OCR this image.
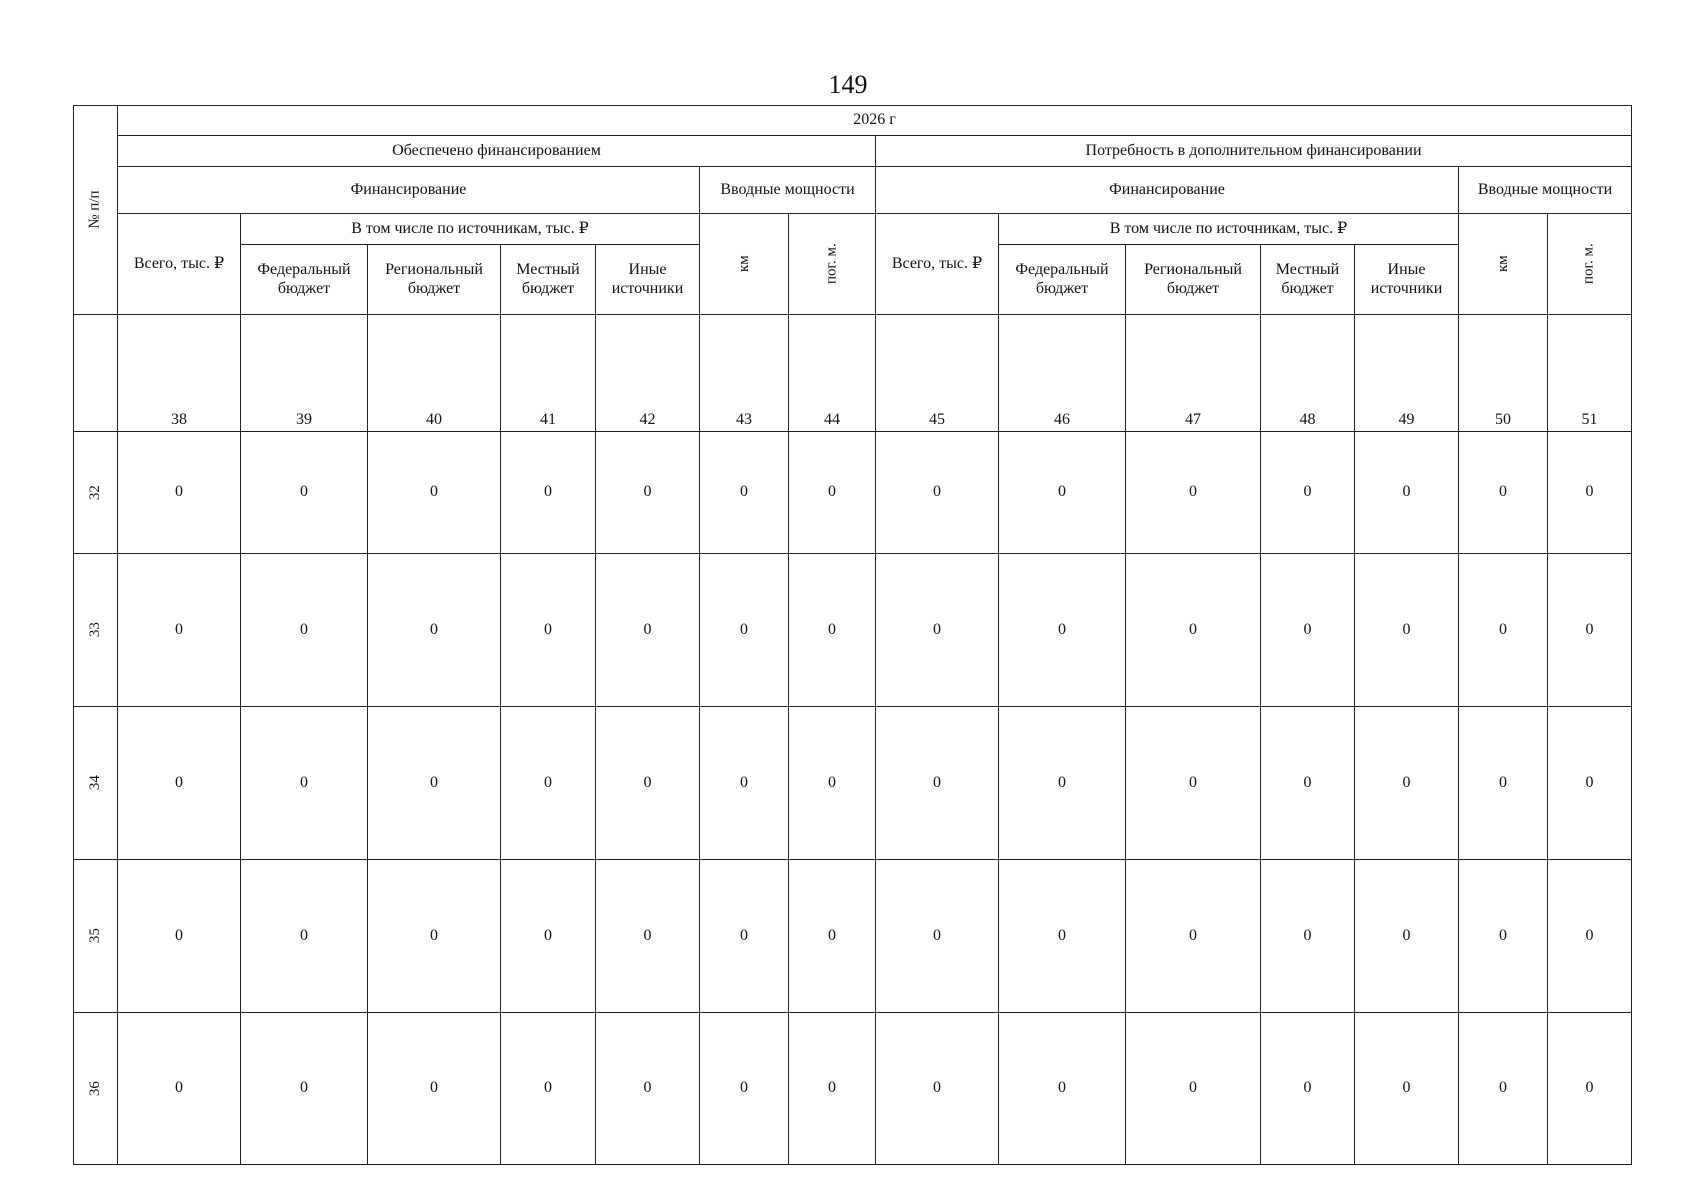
149
№ п/п	2026 г													
	Обеспечено финансированием							Потребность в дополнительном финансировании						
	Финансирование					Вводные мощности		Финансирование					Вводные мощности	
	Всего, тыс. ₽	В том числе по источникам, тыс. ₽				км	пог. м.	Всего, тыс. ₽	В том числе по источникам, тыс. ₽				км	пог. м.

		Федеральный бюджет	Региональный бюджет	Местный бюджет	Иные источники				Федеральный бюджет	Региональный бюджет	Местный бюджет	Иные источники		
	38	39	40	41	42	43	44	45	46	47	48	49	50	51

32	0	0	0	0	0	0	0	0	0	0	0	0	0	0

33	0	0	0	0	0	0	0	0	0	0	0	0	0	0

34	0	0	0	0	0	0	0	0	0	0	0	0	0	0

35	0	0	0	0	0	0	0	0	0	0	0	0	0	0

36	0	0	0	0	0	0	0	0	0	0	0	0	0	0
